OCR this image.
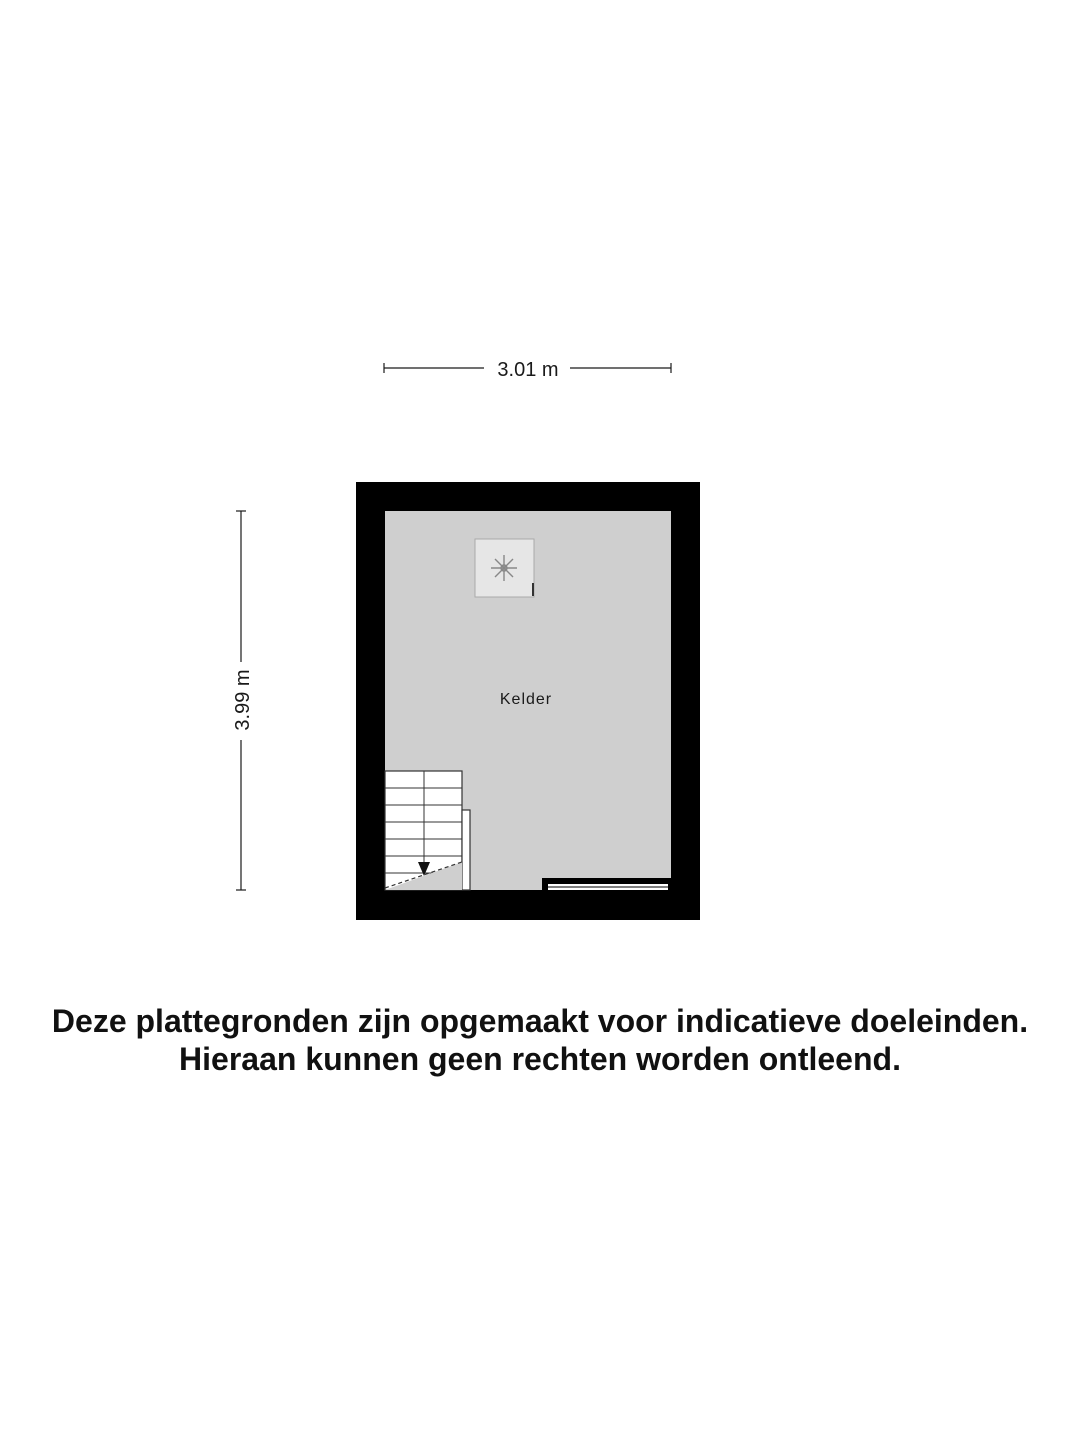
3.01 m
3.99 m	Kelder
Deze plattegronden zijn opgemaakt voor indicatieve doeleinden.
Hieraan kunnen geen rechten worden ontleend.
